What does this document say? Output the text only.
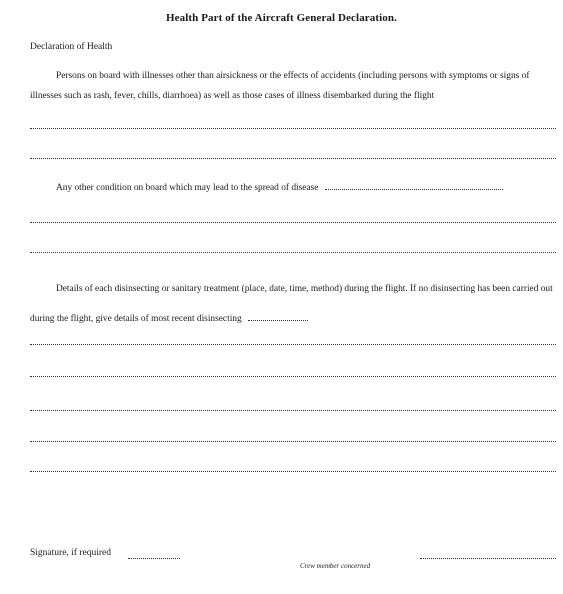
Health Part of the Aircraft General Declaration.
Declaration of Health
Persons on board with illnesses other than airsickness or the effects of accidents (including persons with symptoms or signs of illnesses such as rash, fever, chills, diarrhoea) as well as those cases of illness disembarked during the flight
Any other condition on board which may lead to the spread of disease
Details of each disinsecting or sanitary treatment (place, date, time, method) during the flight. If no disinsecting has been carried out during the flight, give details of most recent disinsecting
Signature, if required
Crew member concerned
